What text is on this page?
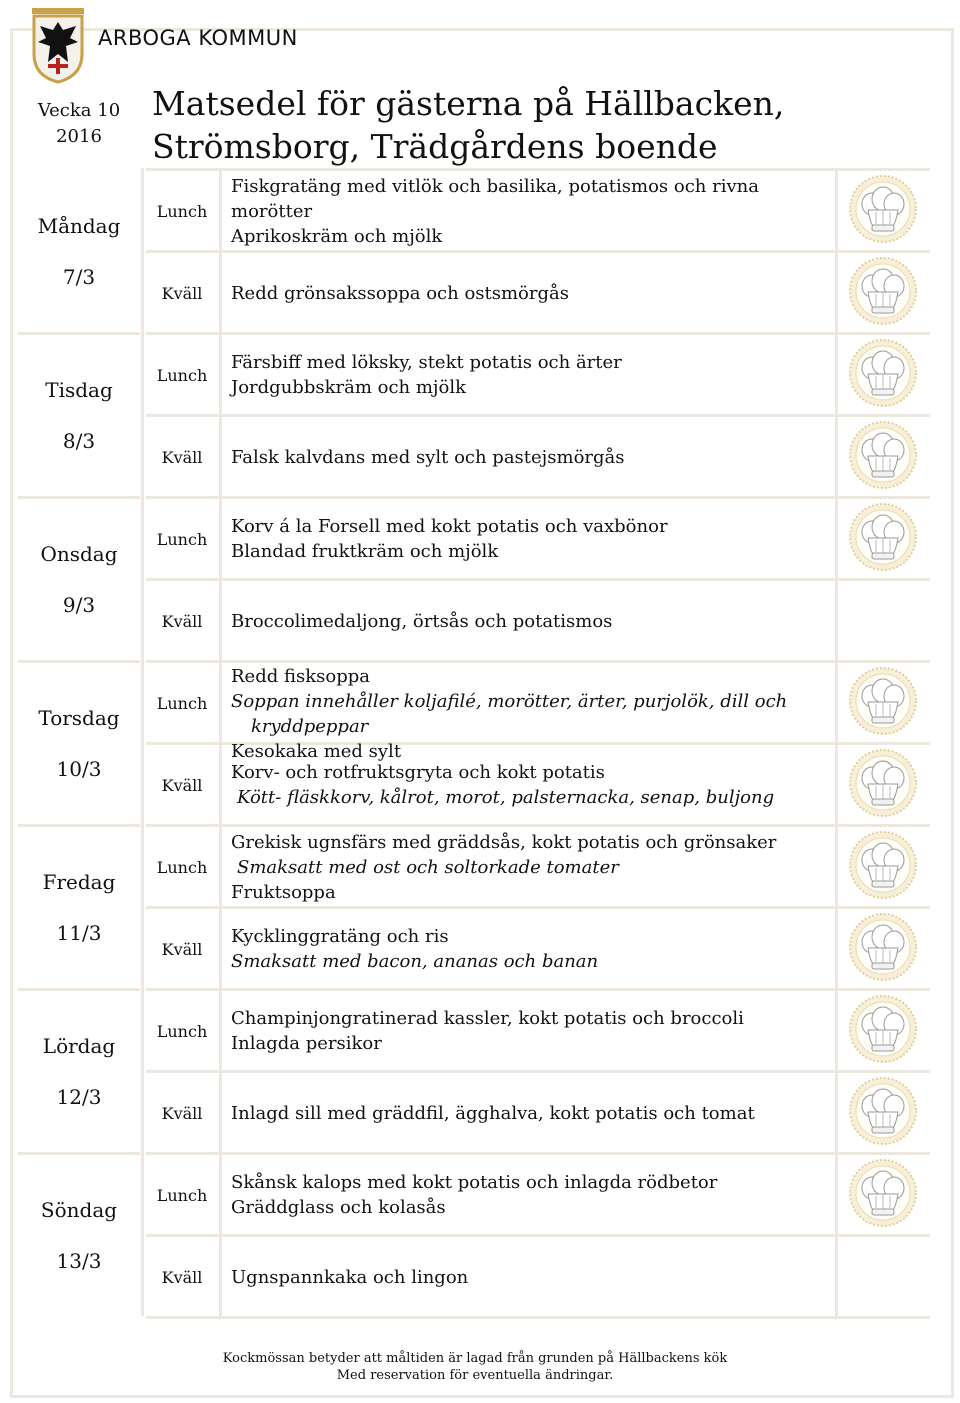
ARBOGA KOMMUN
Vecka 10
2016
Matsedel för gästerna på Hällbacken,
Strömsborg, Trädgårdens boende
Måndag
7/3
Lunch
Kväll
Fiskgratäng med vitlök och basilika, potatismos och rivna
morötter
Aprikoskräm och mjölk
Redd grönsakssoppa och ostsmörgås
Tisdag
8/3
Lunch
Kväll
Färsbiff med löksky, stekt potatis och ärter
Jordgubbskräm och mjölk
Falsk kalvdans med sylt och pastejsmörgås
Onsdag
9/3
Lunch
Kväll
Korv á la Forsell med kokt potatis och vaxbönor
Blandad fruktkräm och mjölk
Broccolimedaljong, örtsås och potatismos
Torsdag
10/3
Lunch
Kväll
Redd fisksoppa
Soppan innehåller koljafilé, morötter, ärter, purjolök, dill och
kryddpeppar
Kesokaka med sylt
Korv- och rotfruktsgryta och kokt potatis
Kött- fläskkorv, kålrot, morot, palsternacka, senap, buljong
Fredag
11/3
Lunch
Kväll
Grekisk ugnsfärs med gräddsås, kokt potatis och grönsaker
Smaksatt med ost och soltorkade tomater
Fruktsoppa
Kycklinggratäng och ris
Smaksatt med bacon, ananas och banan
Lördag
12/3
Lunch
Kväll
Champinjongratinerad kassler, kokt potatis och broccoli
Inlagda persikor
Inlagd sill med gräddfil, ägghalva, kokt potatis och tomat
Söndag
13/3
Lunch
Kväll
Skånsk kalops med kokt potatis och inlagda rödbetor
Gräddglass och kolasås
Ugnspannkaka och lingon
Kockmössan betyder att måltiden är lagad från grunden på Hällbackens kök
Med reservation för eventuella ändringar.
